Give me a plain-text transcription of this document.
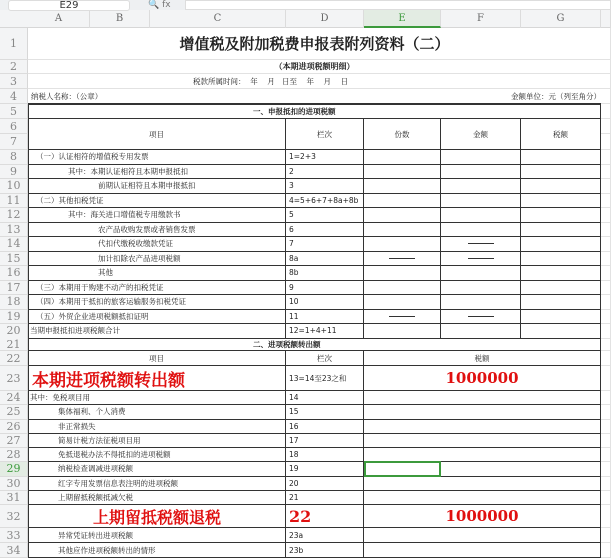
E29	🔍 fx
A	B	C	D	E	F	G
1
2
3
4
5
6
7
8
9
10
11
12
13
14
15
16
17
18
19
20
21
22
23
24
25
26
27
28
29
30
31
32
33
34
增值税及附加税费申报表附列资料（二）
（本期进项税额明细）
税款所属时间：  年    月   日至    年    月    日
纳税人名称：（公章）	金额单位：元（列至角分）
一、申报抵扣的进项税额
项目	栏次	份数	金额	税额
（一）认证相符的增值税专用发票	1=2+3
其中：本期认证相符且本期申报抵扣	2
前期认证相符且本期申报抵扣	3
（二）其他扣税凭证	4=5+6+7+8a+8b
其中：海关进口增值税专用缴款书	5
农产品收购发票或者销售发票	6
代扣代缴税收缴款凭证	7
加计扣除农产品进项税额	8a
其他	8b
（三）本期用于购建不动产的扣税凭证	9
（四）本期用于抵扣的旅客运输服务扣税凭证	10
（五）外贸企业进项税额抵扣证明	11
当期申报抵扣进项税额合计	12=1+4+11
二、进项税额转出额
项目	栏次	税额
本期进项税额转出额	13=14至23之和	1000000
其中：免税项目用	14
集体福利、个人消费	15
非正常损失	16
简易计税方法征税项目用	17
免抵退税办法不得抵扣的进项税额	18
纳税检查调减进项税额	19
红字专用发票信息表注明的进项税额	20
上期留抵税额抵减欠税	21
上期留抵税额退税	22	1000000
异常凭证转出进项税额	23a
其他应作进项税额转出的情形	23b
